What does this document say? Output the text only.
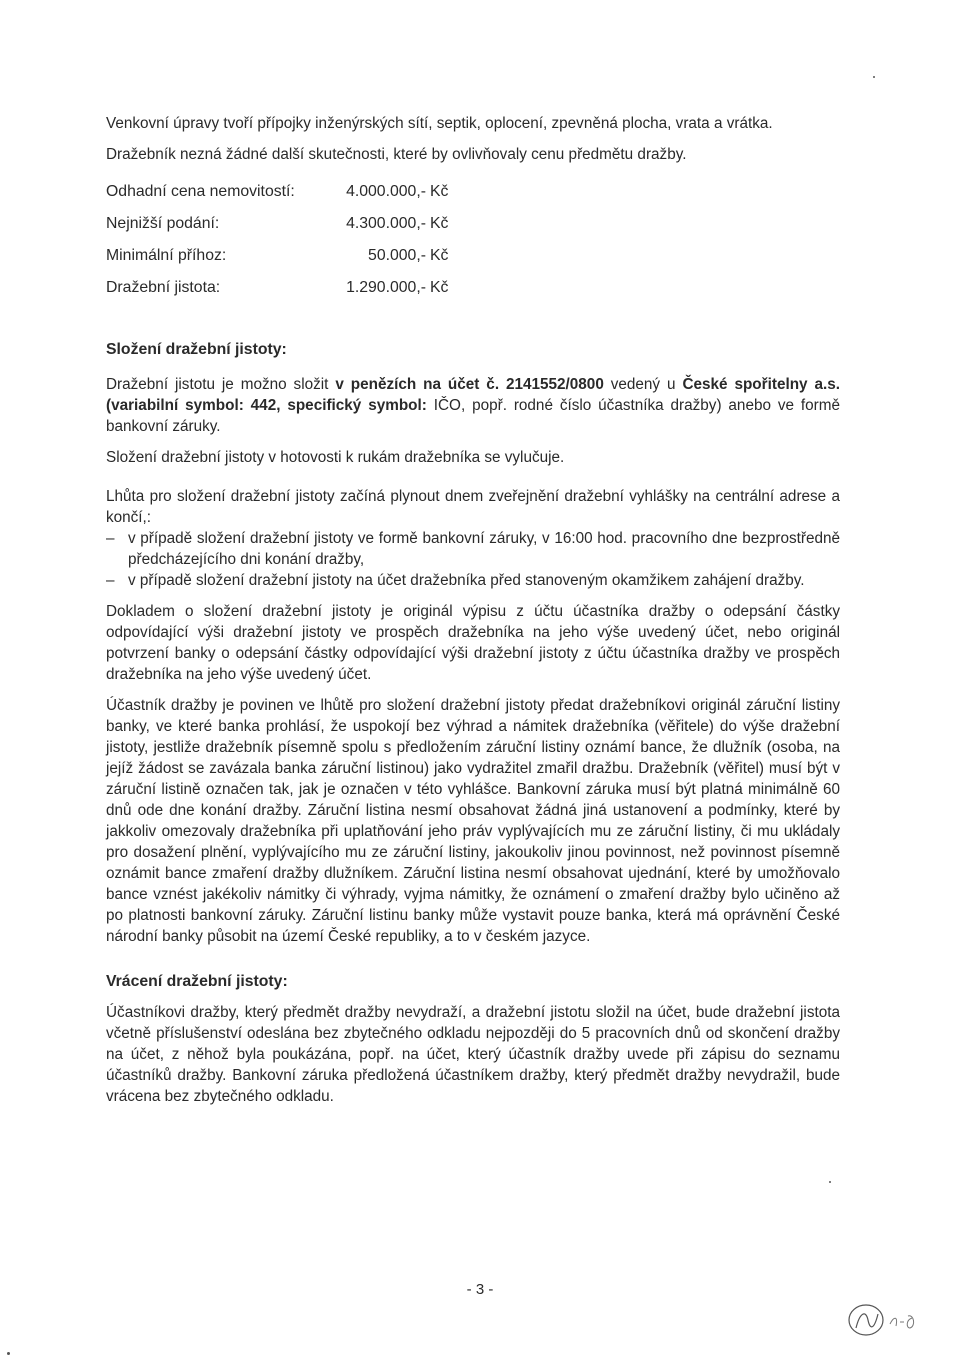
Venkovní úpravy tvoří přípojky inženýrských sítí, septik, oplocení, zpevněná plocha, vrata a vrátka.

Dražebník nezná žádné další skutečnosti, které by ovlivňovaly cenu předmětu dražby.

Odhadní cena nemovitostí:	4.000.000,- Kč
Nejnižší podání:	4.300.000,- Kč
Minimální příhoz:	50.000,- Kč
Dražební jistota:	1.290.000,- Kč

Složení dražební jistoty:

Dražební jistotu je možno složit v penězích na účet č. 2141552/0800 vedený u České spořitelny a.s. (variabilní symbol: 442, specifický symbol: IČO, popř. rodné číslo účastníka dražby) anebo ve formě bankovní záruky.

Složení dražební jistoty v hotovosti k rukám dražebníka se vylučuje.

Lhůta pro složení dražební jistoty začíná plynout dnem zveřejnění dražební vyhlášky na centrální adrese a končí,:

– v případě složení dražební jistoty ve formě bankovní záruky, v 16:00 hod. pracovního dne bezprostředně předcházejícího dni konání dražby,
– v případě složení dražební jistoty na účet dražebníka před stanoveným okamžikem zahájení dražby.

Dokladem o složení dražební jistoty je originál výpisu z účtu účastníka dražby o odepsání částky odpovídající výši dražební jistoty ve prospěch dražebníka na jeho výše uvedený účet, nebo originál potvrzení banky o odepsání částky odpovídající výši dražební jistoty z účtu účastníka dražby ve prospěch dražebníka na jeho výše uvedený účet.

Účastník dražby je povinen ve lhůtě pro složení dražební jistoty předat dražebníkovi originál záruční listiny banky, ve které banka prohlásí, že uspokojí bez výhrad a námitek dražebníka (věřitele) do výše dražební jistoty, jestliže dražebník písemně spolu s předložením záruční listiny oznámí bance, že dlužník (osoba, na jejíž žádost se zavázala banka záruční listinou) jako vydražitel zmařil dražbu. Dražebník (věřitel) musí být v záruční listině označen tak, jak je označen v této vyhlášce. Bankovní záruka musí být platná minimálně 60 dnů ode dne konání dražby. Záruční listina nesmí obsahovat žádná jiná ustanovení a podmínky, které by jakkoliv omezovaly dražebníka při uplatňování jeho práv vyplývajících mu ze záruční listiny, či mu ukládaly pro dosažení plnění, vyplývajícího mu ze záruční listiny, jakoukoliv jinou povinnost, než povinnost písemně oznámit bance zmaření dražby dlužníkem. Záruční listina nesmí obsahovat ujednání, které by umožňovalo bance vznést jakékoliv námitky či výhrady, vyjma námitky, že oznámení o zmaření dražby bylo učiněno až po platnosti bankovní záruky. Záruční listinu banky může vystavit pouze banka, která má oprávnění České národní banky působit na území České republiky, a to v českém jazyce.

Vrácení dražební jistoty:

Účastníkovi dražby, který předmět dražby nevydraží, a dražební jistotu složil na účet, bude dražební jistota včetně příslušenství odeslána bez zbytečného odkladu nejpozději do 5 pracovních dnů od skončení dražby na účet, z něhož byla poukázána, popř. na účet, který účastník dražby uvede při zápisu do seznamu účastníků dražby. Bankovní záruka předložená účastníkem dražby, který předmět dražby nevydražil, bude vrácena bez zbytečného odkladu.

- 3 -
